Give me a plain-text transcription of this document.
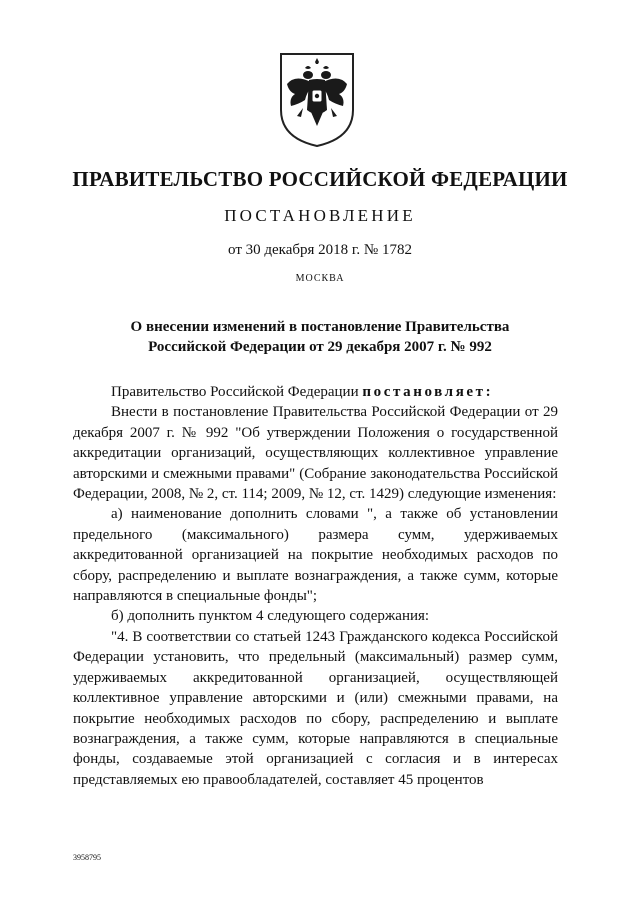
ПРАВИТЕЛЬСТВО РОССИЙСКОЙ ФЕДЕРАЦИИ

ПОСТАНОВЛЕНИЕ

от 30 декабря 2018 г. № 1782

МОСКВА

О внесении изменений в постановление Правительства
Российской Федерации от 29 декабря 2007 г. № 992

Правительство Российской Федерации постановляет:

Внести в постановление Правительства Российской Федерации от 29 декабря 2007 г. № 992 "Об утверждении Положения о государственной аккредитации организаций, осуществляющих коллективное управление авторскими и смежными правами" (Собрание законодательства Российской Федерации, 2008, № 2, ст. 114; 2009, № 12, ст. 1429) следующие изменения:

а) наименование дополнить словами ", а также об установлении предельного (максимального) размера сумм, удерживаемых аккредитованной организацией на покрытие необходимых расходов по сбору, распределению и выплате вознаграждения, а также сумм, которые направляются в специальные фонды";

б) дополнить пунктом 4 следующего содержания:

"4. В соответствии со статьей 1243 Гражданского кодекса Российской Федерации установить, что предельный (максимальный) размер сумм, удерживаемых аккредитованной организацией, осуществляющей коллективное управление авторскими и (или) смежными правами, на покрытие необходимых расходов по сбору, распределению и выплате вознаграждения, а также сумм, которые направляются в специальные фонды, создаваемые этой организацией с согласия и в интересах представляемых ею правообладателей, составляет 45 процентов

3958795
